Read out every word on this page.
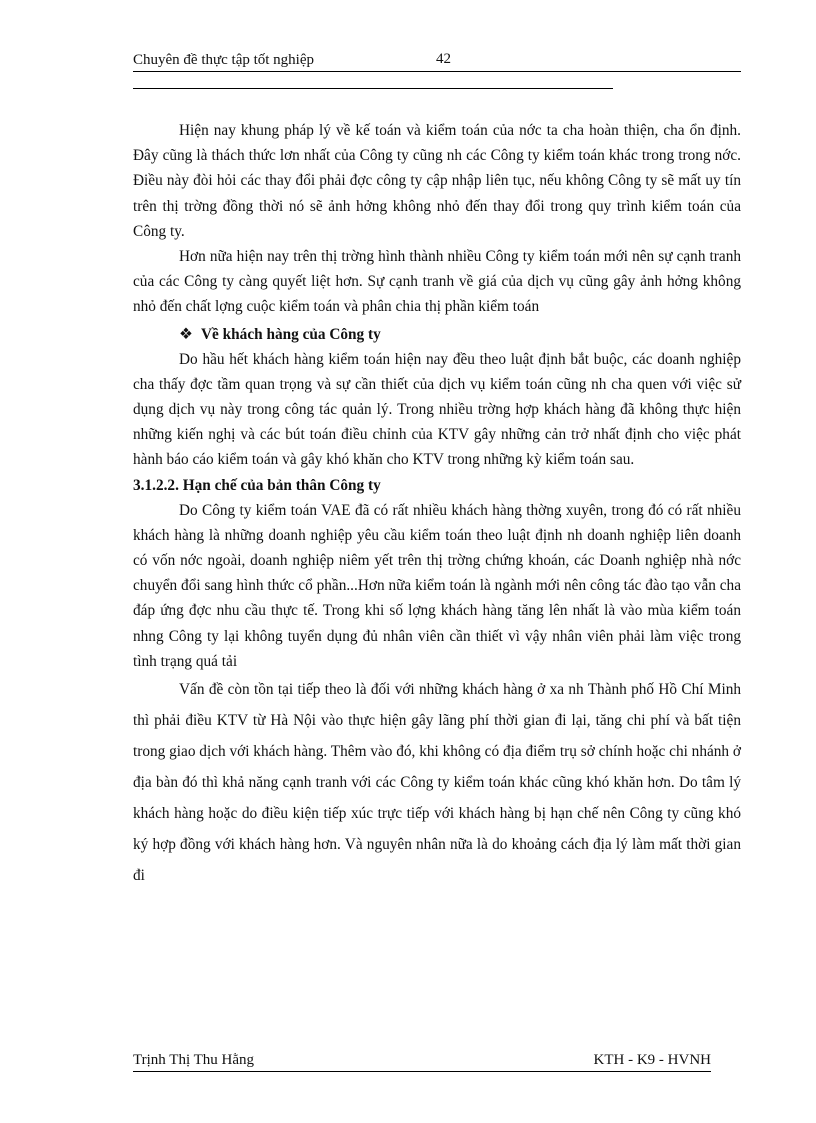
Chuyên đề thực tập tốt nghiệp	42

Hiện nay khung pháp lý về kế toán và kiểm toán của nớc ta cha hoàn thiện, cha ổn định. Đây cũng là thách thức lơn nhất của Công ty cũng nh các Công ty kiểm toán khác trong trong nớc. Điều này đòi hỏi các thay đổi phải đợc công ty cập nhập liên tục, nếu không Công ty sẽ mất uy tín trên thị trờng đồng thời nó sẽ ảnh hởng không nhỏ đến thay đổi trong quy trình kiểm toán của Công ty.

Hơn nữa hiện nay trên thị trờng hình thành nhiều Công ty kiểm toán mới nên sự cạnh tranh của các Công ty càng quyết liệt hơn. Sự cạnh tranh về giá của dịch vụ cũng gây ảnh hởng không nhỏ đến chất lợng cuộc kiểm toán và phân chia thị phần kiểm toán

❖ Về khách hàng của Công ty

Do hầu hết khách hàng kiểm toán hiện nay đều theo luật định bắt buộc, các doanh nghiệp cha thấy đợc tầm quan trọng và sự cần thiết của dịch vụ kiểm toán cũng nh cha quen với việc sử dụng dịch vụ này trong công tác quản lý. Trong nhiều trờng hợp khách hàng đã không thực hiện những kiến nghị và các bút toán điều chỉnh của KTV gây những cản trở nhất định cho việc phát hành báo cáo kiểm toán và gây khó khăn cho KTV trong những kỳ kiểm toán sau.

3.1.2.2. Hạn chế của bản thân Công ty

Do Công ty kiểm toán VAE đã có rất nhiều khách hàng thờng xuyên, trong đó có rất nhiều khách hàng là những doanh nghiệp yêu cầu kiểm toán theo luật định nh doanh nghiệp liên doanh có vốn nớc ngoài, doanh nghiệp niêm yết trên thị trờng chứng khoán, các Doanh nghiệp nhà nớc chuyển đổi sang hình thức cổ phần...Hơn nữa kiểm toán là ngành mới nên công tác đào tạo vẫn cha đáp ứng đợc nhu cầu thực tế. Trong khi số lợng khách hàng tăng lên nhất là vào mùa kiểm toán nhng Công ty lại không tuyển dụng đủ nhân viên cần thiết vì vậy nhân viên phải làm việc trong tình trạng quá tải

Vấn đề còn tồn tại tiếp theo là đối với những khách hàng ở xa nh Thành phố Hồ Chí Minh thì phải điều KTV từ Hà Nội vào thực hiện gây lãng phí thời gian đi lại, tăng chi phí và bất tiện trong giao dịch với khách hàng. Thêm vào đó, khi không có địa điểm trụ sở chính hoặc chi nhánh ở địa bàn đó thì khả năng cạnh tranh với các Công ty kiểm toán khác cũng khó khăn hơn. Do tâm lý khách hàng hoặc do điều kiện tiếp xúc trực tiếp với khách hàng bị hạn chế nên Công ty cũng khó ký hợp đồng với khách hàng hơn. Và nguyên nhân nữa là do khoảng cách địa lý làm mất thời gian đi

Trịnh Thị Thu Hằng	KTH - K9 - HVNH
